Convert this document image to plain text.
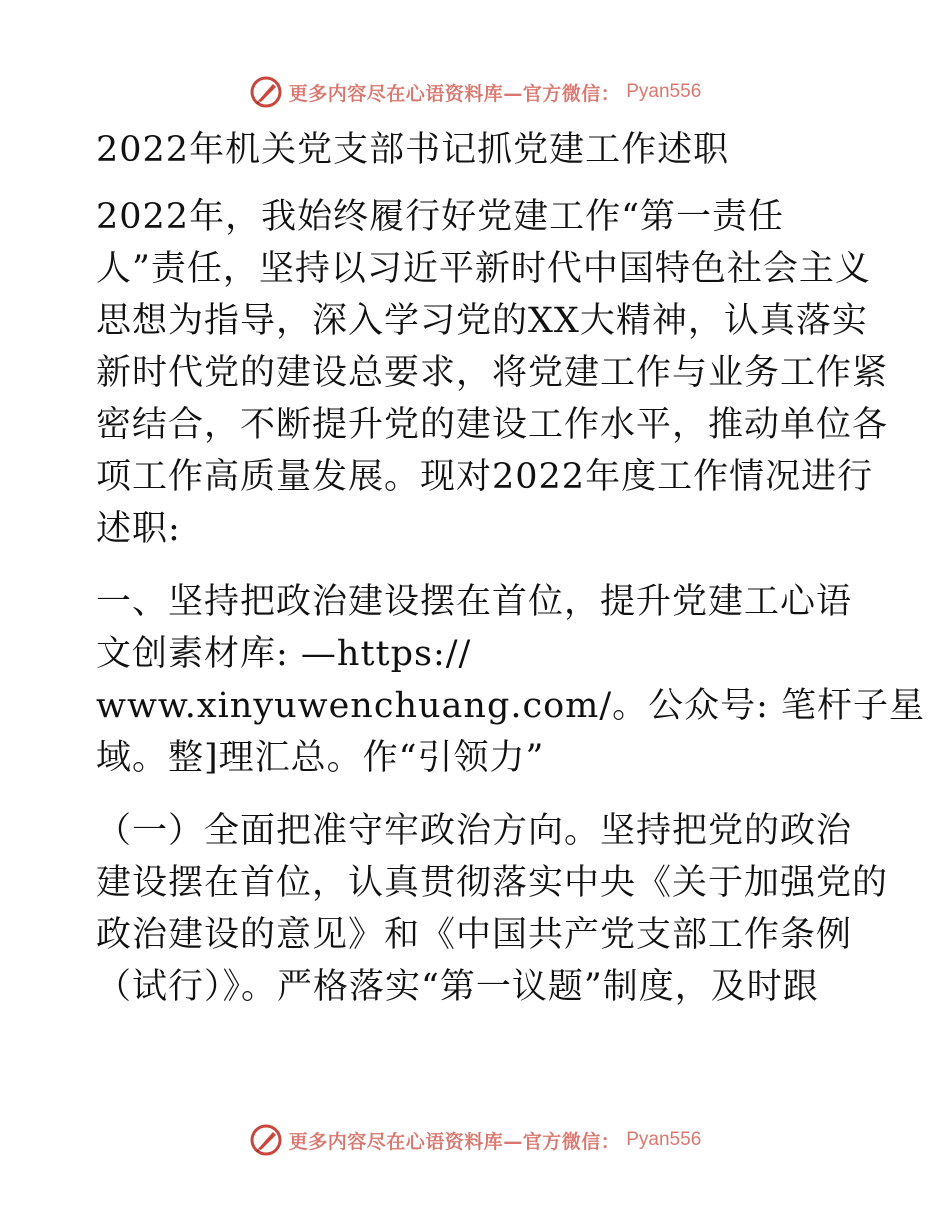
更多内容尽在心语资料库—官方微信： Pyan556
2022年机关党支部书记抓党建工作述职
2022年，我始终履行好党建工作“第一责任
人”责任，坚持以习近平新时代中国特色社会主义
思想为指导，深入学习党的XX大精神，认真落实
新时代党的建设总要求，将党建工作与业务工作紧
密结合，不断提升党的建设工作水平，推动单位各
项工作高质量发展。现对2022年度工作情况进行
述职:
一、坚持把政治建设摆在首位，提升党建工心语
文创素材库: —https://
www.xinyuwenchuang.com/。公众号: 笔杆子星
域。整]理汇总。作“引领力”
（一）全面把准守牢政治方向。坚持把党的政治
建设摆在首位，认真贯彻落实中央《关于加强党的
政治建设的意见》和《中国共产党支部工作条例
（试行）》。严格落实“第一议题”制度，及时跟
更多内容尽在心语资料库—官方微信： Pyan556
